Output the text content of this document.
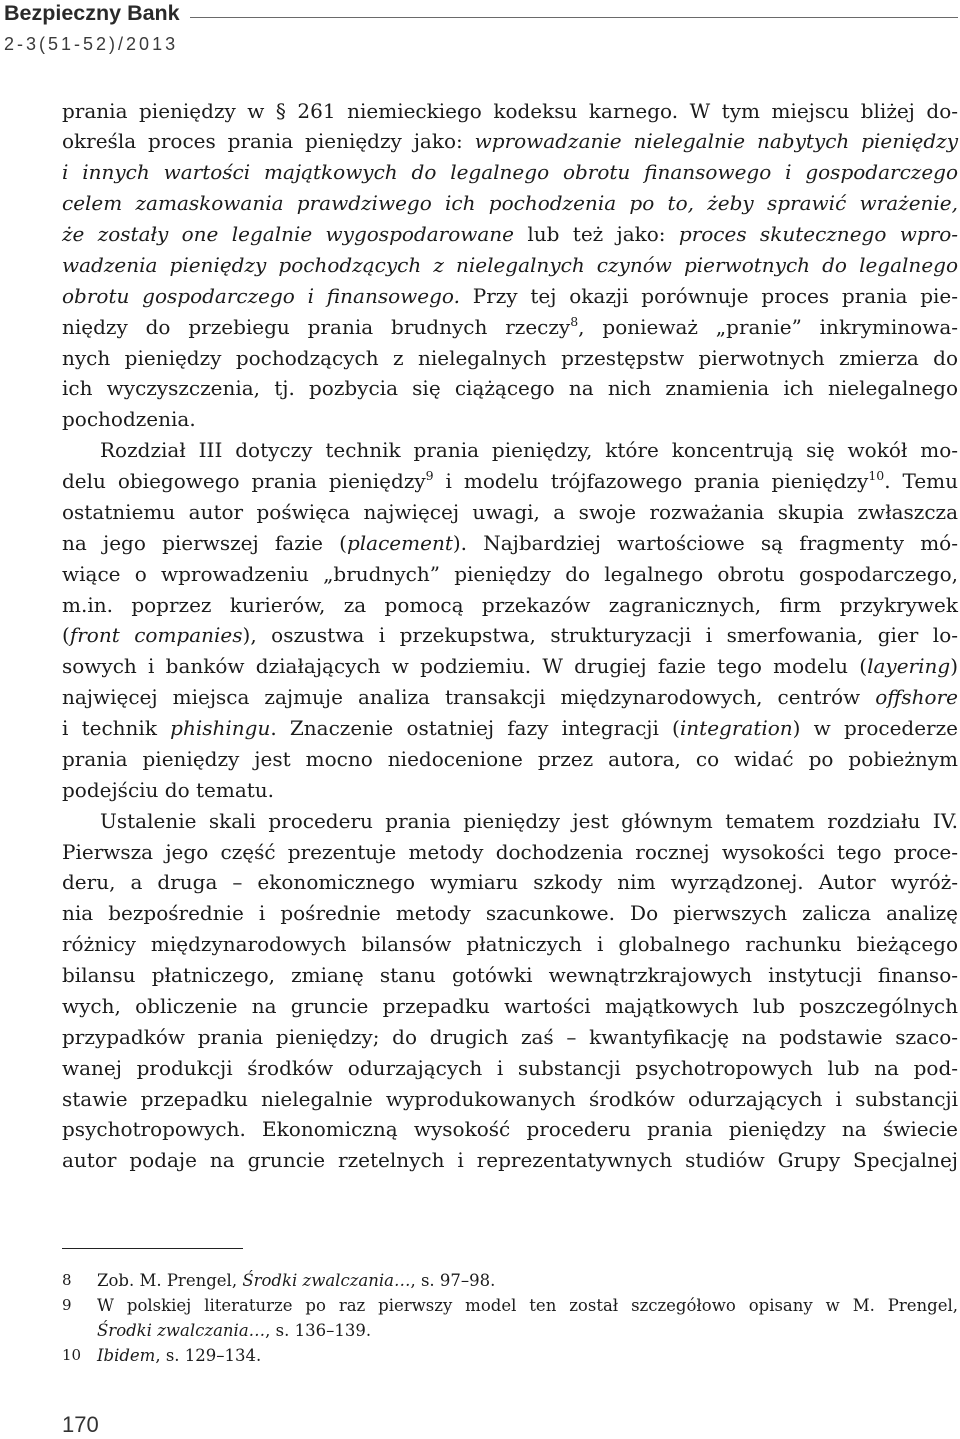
Bezpieczny Bank
2-3(51-52)/2013
prania pieniędzy w § 261 niemieckiego kodeksu karnego. W tym miejscu bliżej do-
określa proces prania pieniędzy jako: wprowadzanie nielegalnie nabytych pieniędzy
i innych wartości majątkowych do legalnego obrotu finansowego i gospodarczego
celem zamaskowania prawdziwego ich pochodzenia po to, żeby sprawić wrażenie,
że zostały one legalnie wygospodarowane lub też jako: proces skutecznego wpro-
wadzenia pieniędzy pochodzących z nielegalnych czynów pierwotnych do legalnego
obrotu gospodarczego i finansowego. Przy tej okazji porównuje proces prania pie-
niędzy do przebiegu prania brudnych rzeczy$^8$, ponieważ „pranie” inkryminowa-
nych pieniędzy pochodzących z nielegalnych przestępstw pierwotnych zmierza do
ich wyczyszczenia, tj. pozbycia się ciążącego na nich znamienia ich nielegalnego
pochodzenia.
Rozdział III dotyczy technik prania pieniędzy, które koncentrują się wokół mo-
delu obiegowego prania pieniędzy$^9$ i modelu trójfazowego prania pieniędzy$^{10}$. Temu
ostatniemu autor poświęca najwięcej uwagi, a swoje rozważania skupia zwłaszcza
na jego pierwszej fazie (placement). Najbardziej wartościowe są fragmenty mó-
wiące o wprowadzeniu „brudnych” pieniędzy do legalnego obrotu gospodarczego,
m.in. poprzez kurierów, za pomocą przekazów zagranicznych, firm przykrywek
(front companies), oszustwa i przekupstwa, strukturyzacji i smerfowania, gier lo-
sowych i banków działających w podziemiu. W drugiej fazie tego modelu (layering)
najwięcej miejsca zajmuje analiza transakcji międzynarodowych, centrów offshore
i technik phishingu. Znaczenie ostatniej fazy integracji (integration) w procederze
prania pieniędzy jest mocno niedocenione przez autora, co widać po pobieżnym
podejściu do tematu.
Ustalenie skali procederu prania pieniędzy jest głównym tematem rozdziału IV.
Pierwsza jego część prezentuje metody dochodzenia rocznej wysokości tego proce-
deru, a druga – ekonomicznego wymiaru szkody nim wyrządzonej. Autor wyróż-
nia bezpośrednie i pośrednie metody szacunkowe. Do pierwszych zalicza analizę
różnicy międzynarodowych bilansów płatniczych i globalnego rachunku bieżącego
bilansu płatniczego, zmianę stanu gotówki wewnątrzkrajowych instytucji finanso-
wych, obliczenie na gruncie przepadku wartości majątkowych lub poszczególnych
przypadków prania pieniędzy; do drugich zaś – kwantyfikację na podstawie szaco-
wanej produkcji środków odurzających i substancji psychotropowych lub na pod-
stawie przepadku nielegalnie wyprodukowanych środków odurzających i substancji
psychotropowych. Ekonomiczną wysokość procederu prania pieniędzy na świecie
autor podaje na gruncie rzetelnych i reprezentatywnych studiów Grupy Specjalnej
8	Zob. M. Prengel, Środki zwalczania…, s. 97–98.
9	W polskiej literaturze po raz pierwszy model ten został szczegółowo opisany w M. Prengel,
Środki zwalczania…, s. 136–139.
10 Ibidem, s. 129–134.
170
